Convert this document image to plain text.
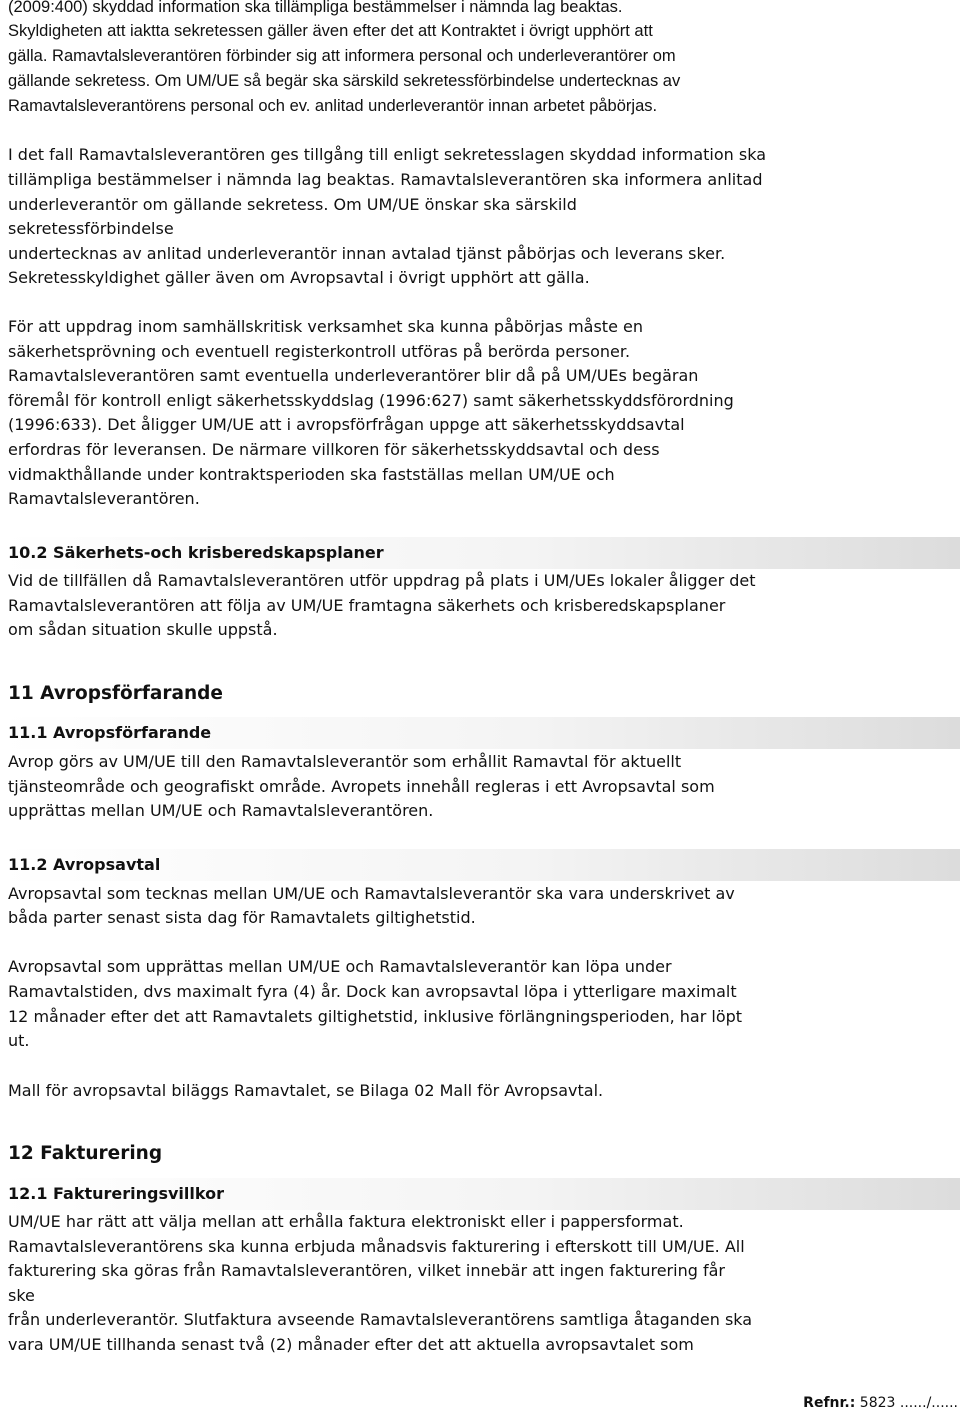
(2009:400) skyddad information ska tillämpliga bestämmelser i nämnda lag beaktas.

Skyldigheten att iaktta sekretessen gäller även efter det att Kontraktet i övrigt upphört att

gälla. Ramavtalsleverantören förbinder sig att informera personal och underleverantörer om

gällande sekretess. Om UM/UE så begär ska särskild sekretessförbindelse undertecknas av

Ramavtalsleverantörens personal och ev. anlitad underleverantör innan arbetet påbörjas.

I det fall Ramavtalsleverantören ges tillgång till enligt sekretesslagen skyddad information ska

tillämpliga bestämmelser i nämnda lag beaktas. Ramavtalsleverantören ska informera anlitad

underleverantör om gällande sekretess. Om UM/UE önskar ska särskild

sekretessförbindelse

undertecknas av anlitad underleverantör innan avtalad tjänst påbörjas och leverans sker.

Sekretesskyldighet gäller även om Avropsavtal i övrigt upphört att gälla.

För att uppdrag inom samhällskritisk verksamhet ska kunna påbörjas måste en

säkerhetsprövning och eventuell registerkontroll utföras på berörda personer.

Ramavtalsleverantören samt eventuella underleverantörer blir då på UM/UEs begäran

föremål för kontroll enligt säkerhetsskyddslag (1996:627) samt säkerhetsskyddsförordning

(1996:633). Det åligger UM/UE att i avropsförfrågan uppge att säkerhetsskyddsavtal

erfordras för leveransen. De närmare villkoren för säkerhetsskyddsavtal och dess

vidmakthållande under kontraktsperioden ska fastställas mellan UM/UE och

Ramavtalsleverantören.

10.2 Säkerhets-och krisberedskapsplaner

Vid de tillfällen då Ramavtalsleverantören utför uppdrag på plats i UM/UEs lokaler åligger det

Ramavtalsleverantören att följa av UM/UE framtagna säkerhets och krisberedskapsplaner

om sådan situation skulle uppstå.

11 Avropsförfarande
11.1 Avropsförfarande

Avrop görs av UM/UE till den Ramavtalsleverantör som erhållit Ramavtal för aktuellt

tjänsteområde och geografiskt område. Avropets innehåll regleras i ett Avropsavtal som

upprättas mellan UM/UE och Ramavtalsleverantören.

11.2 Avropsavtal

Avropsavtal som tecknas mellan UM/UE och Ramavtalsleverantör ska vara underskrivet av

båda parter senast sista dag för Ramavtalets giltighetstid.

Avropsavtal som upprättas mellan UM/UE och Ramavtalsleverantör kan löpa under

Ramavtalstiden, dvs maximalt fyra (4) år. Dock kan avropsavtal löpa i ytterligare maximalt

12 månader efter det att Ramavtalets giltighetstid, inklusive förlängningsperioden, har löpt

ut.

Mall för avropsavtal biläggs Ramavtalet, se Bilaga 02 Mall för Avropsavtal.

12 Fakturering
12.1 Faktureringsvillkor

UM/UE har rätt att välja mellan att erhålla faktura elektroniskt eller i pappersformat.

Ramavtalsleverantörens ska kunna erbjuda månadsvis fakturering i efterskott till UM/UE. All

fakturering ska göras från Ramavtalsleverantören, vilket innebär att ingen fakturering får

ske

från underleverantör. Slutfaktura avseende Ramavtalsleverantörens samtliga åtaganden ska

vara UM/UE tillhanda senast två (2) månader efter det att aktuella avropsavtalet som

Refnr.: 5823 ....../......
